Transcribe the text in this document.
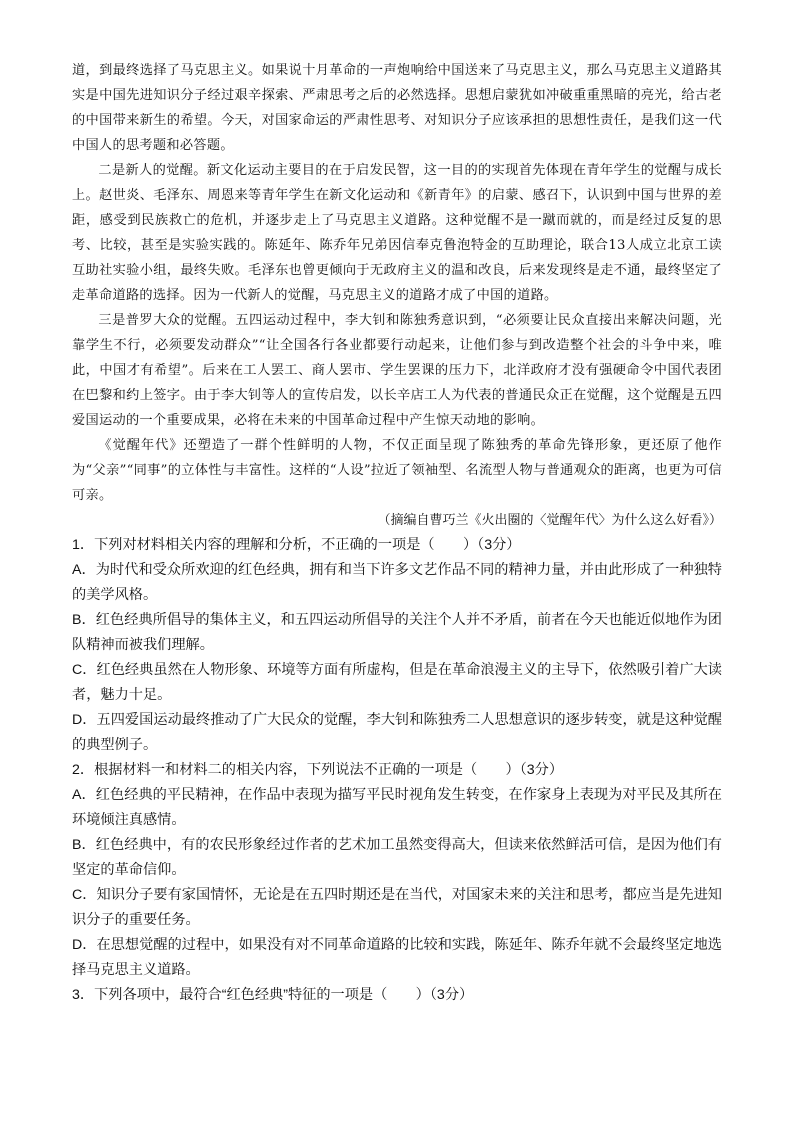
道，到最终选择了马克思主义。如果说十月革命的一声炮响给中国送来了马克思主义，那么马克思主义道路其实是中国先进知识分子经过艰辛探索、严肃思考之后的必然选择。思想启蒙犹如冲破重重黑暗的亮光，给古老的中国带来新生的希望。今天，对国家命运的严肃性思考、对知识分子应该承担的思想性责任，是我们这一代中国人的思考题和必答题。

二是新人的觉醒。新文化运动主要目的在于启发民智，这一目的的实现首先体现在青年学生的觉醒与成长上。赵世炎、毛泽东、周恩来等青年学生在新文化运动和《新青年》的启蒙、感召下，认识到中国与世界的差距，感受到民族救亡的危机，并逐步走上了马克思主义道路。这种觉醒不是一蹴而就的，而是经过反复的思考、比较，甚至是实验实践的。陈延年、陈乔年兄弟因信奉克鲁泡特金的互助理论，联合13人成立北京工读互助社实验小组，最终失败。毛泽东也曾更倾向于无政府主义的温和改良，后来发现终是走不通，最终坚定了走革命道路的选择。因为一代新人的觉醒，马克思主义的道路才成了中国的道路。

三是普罗大众的觉醒。五四运动过程中，李大钊和陈独秀意识到，“必须要让民众直接出来解决问题，光靠学生不行，必须要发动群众”“让全国各行各业都要行动起来，让他们参与到改造整个社会的斗争中来，唯此，中国才有希望”。后来在工人罢工、商人罢市、学生罢课的压力下，北洋政府才没有强硬命令中国代表团在巴黎和约上签字。由于李大钊等人的宣传启发，以长辛店工人为代表的普通民众正在觉醒，这个觉醒是五四爱国运动的一个重要成果，必将在未来的中国革命过程中产生惊天动地的影响。

《觉醒年代》还塑造了一群个性鲜明的人物，不仅正面呈现了陈独秀的革命先锋形象，更还原了他作为“父亲”“同事”的立体性与丰富性。这样的“人设”拉近了领袖型、名流型人物与普通观众的距离，也更为可信可亲。

（摘编自曹巧兰《火出圈的〈觉醒年代〉为什么这么好看》）

1．下列对材料相关内容的理解和分析，不正确的一项是（　　）（3分）

A．为时代和受众所欢迎的红色经典，拥有和当下许多文艺作品不同的精神力量，并由此形成了一种独特的美学风格。

B．红色经典所倡导的集体主义，和五四运动所倡导的关注个人并不矛盾，前者在今天也能近似地作为团队精神而被我们理解。

C．红色经典虽然在人物形象、环境等方面有所虚构，但是在革命浪漫主义的主导下，依然吸引着广大读者，魅力十足。

D．五四爱国运动最终推动了广大民众的觉醒，李大钊和陈独秀二人思想意识的逐步转变，就是这种觉醒的典型例子。

2．根据材料一和材料二的相关内容，下列说法不正确的一项是（　　）（3分）

A．红色经典的平民精神，在作品中表现为描写平民时视角发生转变，在作家身上表现为对平民及其所在环境倾注真感情。

B．红色经典中，有的农民形象经过作者的艺术加工虽然变得高大，但读来依然鲜活可信，是因为他们有坚定的革命信仰。

C．知识分子要有家国情怀，无论是在五四时期还是在当代，对国家未来的关注和思考，都应当是先进知识分子的重要任务。

D．在思想觉醒的过程中，如果没有对不同革命道路的比较和实践，陈延年、陈乔年就不会最终坚定地选择马克思主义道路。

3．下列各项中，最符合“红色经典”特征的一项是（　　）（3分）
